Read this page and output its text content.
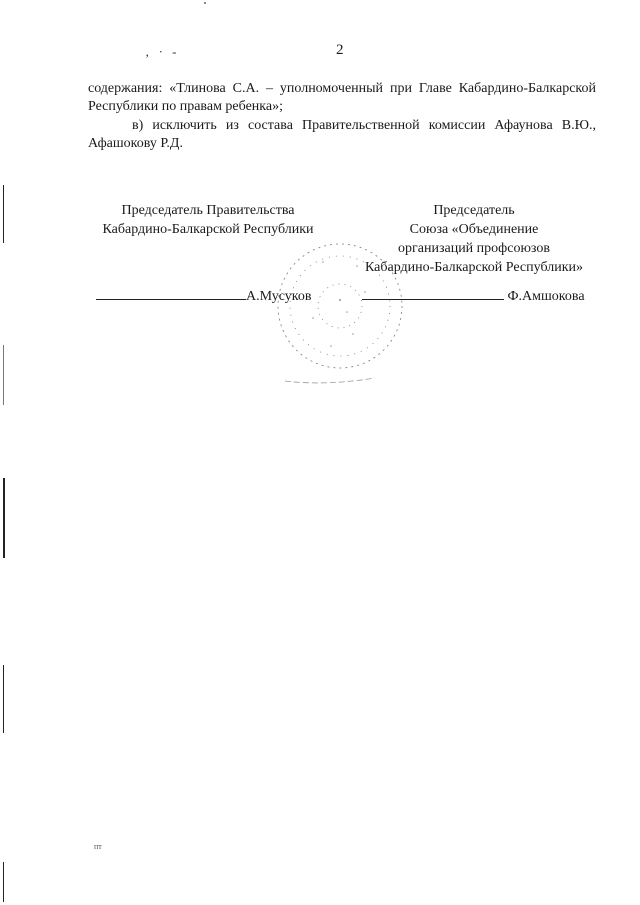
‚ · ‑	2
содержания: «Тлинова С.А. – уполномоченный при Главе Кабардино-Балкарской Республики по правам ребенка»;
в) исключить из состава Правительственной комиссии Афаунова В.Ю., Афашокову Р.Д.
Председатель Правительства
Кабардино-Балкарской Республики
Председатель
Союза «Объединение
организаций профсоюзов
Кабардино-Балкарской Республики»
А.Мусуков	Ф.Амшокова
пт
